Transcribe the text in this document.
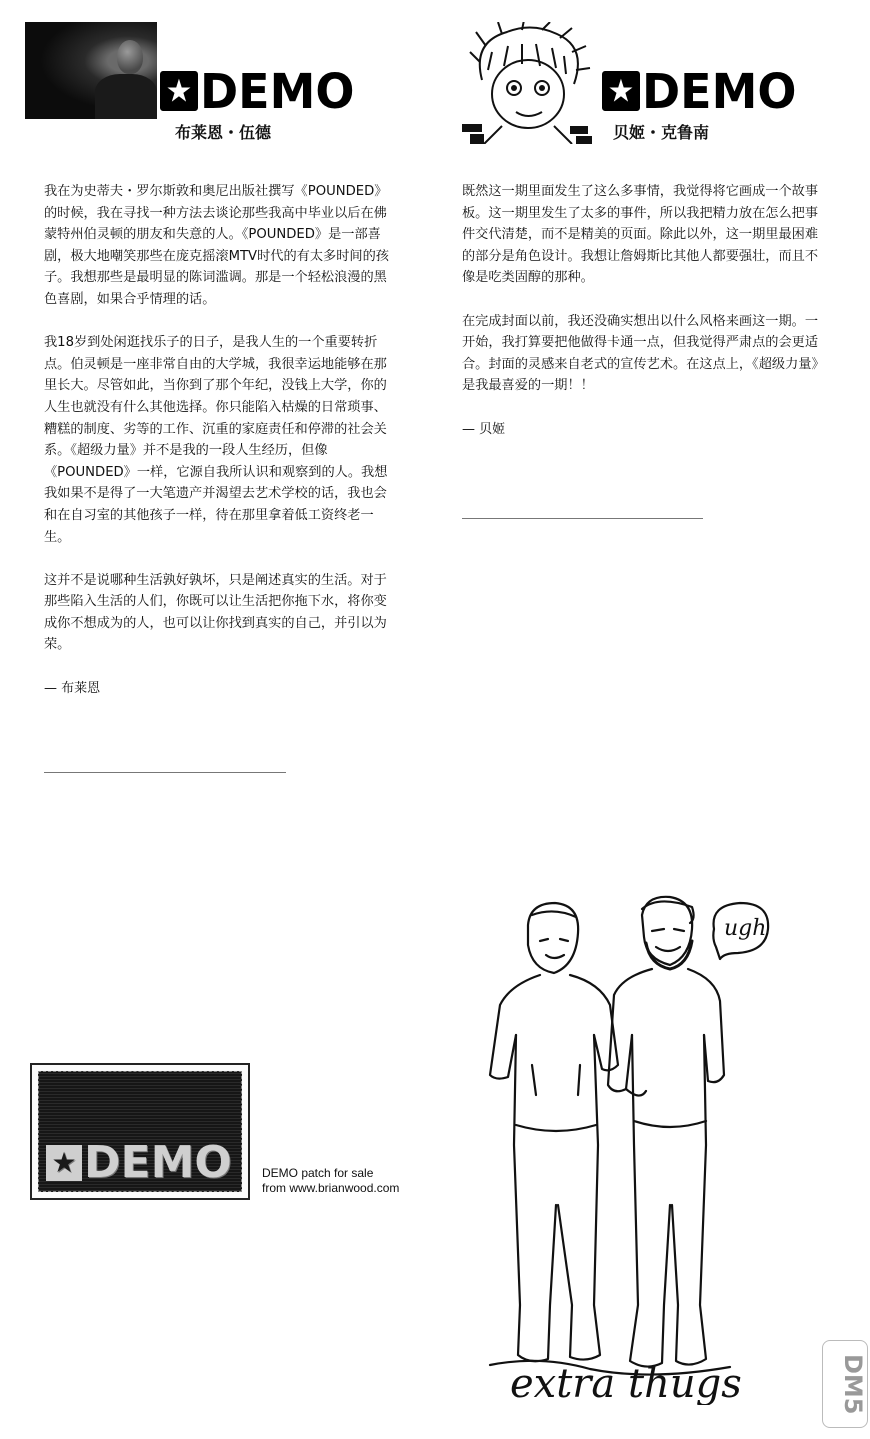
★ DEMO
布莱恩・伍德
★ DEMO
贝姬・克鲁南

我在为史蒂夫・罗尔斯敦和奥尼出版社撰写《POUNDED》的时候，我在寻找一种方法去谈论那些我高中毕业以后在佛蒙特州伯灵顿的朋友和失意的人。《POUNDED》是一部喜剧，极大地嘲笑那些在庞克摇滚MTV时代的有太多时间的孩子。我想那些是最明显的陈词滥调。那是一个轻松浪漫的黑色喜剧，如果合乎情理的话。

我18岁到处闲逛找乐子的日子，是我人生的一个重要转折点。伯灵顿是一座非常自由的大学城，我很幸运地能够在那里长大。尽管如此，当你到了那个年纪，没钱上大学，你的人生也就没有什么其他选择。你只能陷入枯燥的日常琐事、糟糕的制度、劣等的工作、沉重的家庭责任和停滞的社会关系。《超级力量》并不是我的一段人生经历，但像《POUNDED》一样，它源自我所认识和观察到的人。我想我如果不是得了一大笔遗产并渴望去艺术学校的话，我也会和在自习室的其他孩子一样，待在那里拿着低工资终老一生。

这并不是说哪种生活孰好孰坏，只是阐述真实的生活。对于那些陷入生活的人们，你既可以让生活把你拖下水，将你变成你不想成为的人，也可以让你找到真实的自己，并引以为荣。

— 布莱恩

既然这一期里面发生了这么多事情，我觉得将它画成一个故事板。这一期里发生了太多的事件，所以我把精力放在怎么把事件交代清楚，而不是精美的页面。除此以外，这一期里最困难的部分是角色设计。我想让詹姆斯比其他人都要强壮，而且不像是吃类固醇的那种。

在完成封面以前，我还没确实想出以什么风格来画这一期。一开始，我打算要把他做得卡通一点，但我觉得严肃点的会更适合。封面的灵感来自老式的宣传艺术。在这点上，《超级力量》是我最喜爱的一期！！

— 贝姬

★ DEMO	DEMO patch for sale
from www.brianwood.com
ugh
extra thugs	DM5
